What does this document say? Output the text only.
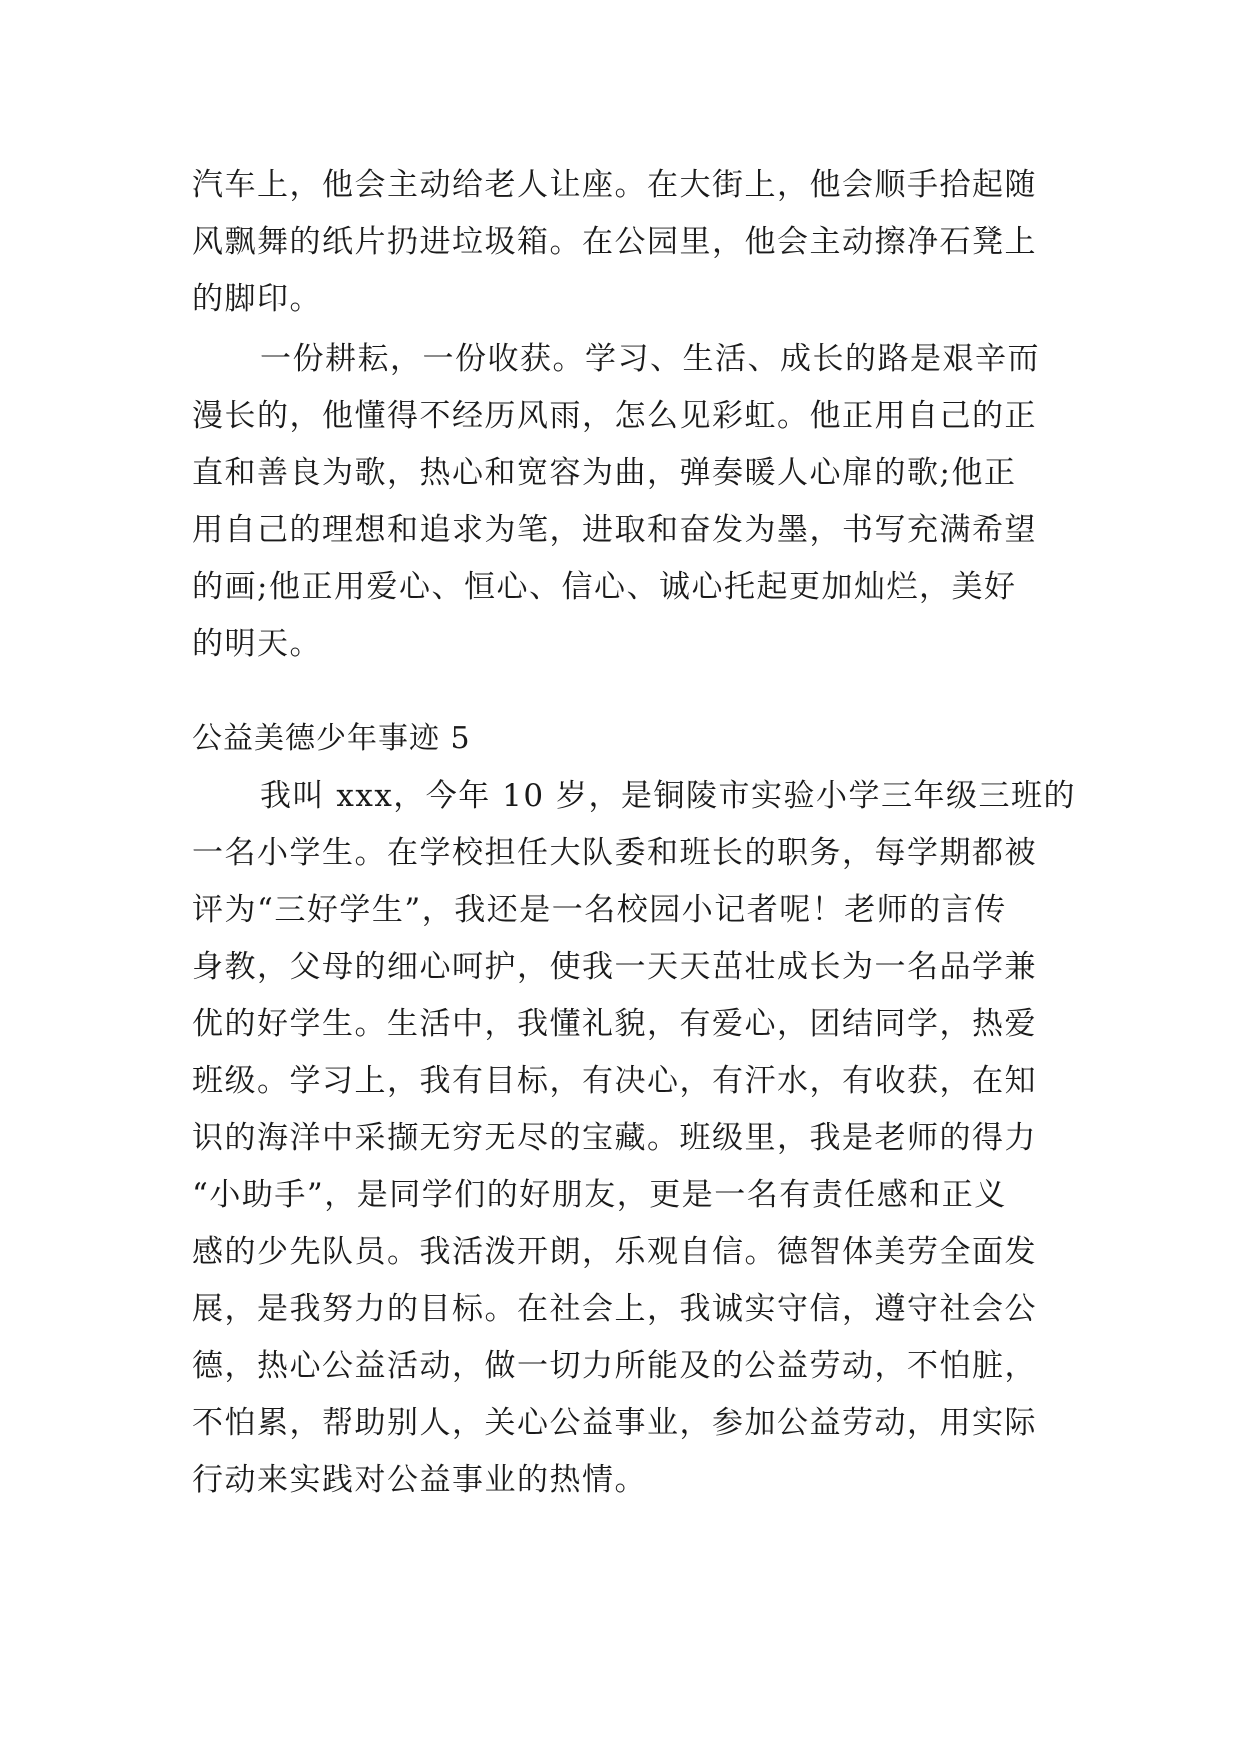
汽车上，他会主动给老人让座。在大街上，他会顺手拾起随
风飘舞的纸片扔进垃圾箱。在公园里，他会主动擦净石凳上
的脚印。
一份耕耘，一份收获。学习、生活、成长的路是艰辛而
漫长的，他懂得不经历风雨，怎么见彩虹。他正用自己的正
直和善良为歌，热心和宽容为曲，弹奏暖人心扉的歌;他正
用自己的理想和追求为笔，进取和奋发为墨，书写充满希望
的画;他正用爱心、恒心、信心、诚心托起更加灿烂，美好
的明天。
公益美德少年事迹 5
我叫 xxx，今年 10 岁，是铜陵市实验小学三年级三班的
一名小学生。在学校担任大队委和班长的职务，每学期都被
评为“三好学生”，我还是一名校园小记者呢！老师的言传
身教，父母的细心呵护，使我一天天茁壮成长为一名品学兼
优的好学生。生活中，我懂礼貌，有爱心，团结同学，热爱
班级。学习上，我有目标，有决心，有汗水，有收获，在知
识的海洋中采撷无穷无尽的宝藏。班级里，我是老师的得力
“小助手”，是同学们的好朋友，更是一名有责任感和正义
感的少先队员。我活泼开朗，乐观自信。德智体美劳全面发
展，是我努力的目标。在社会上，我诚实守信，遵守社会公
德，热心公益活动，做一切力所能及的公益劳动，不怕脏，
不怕累，帮助别人，关心公益事业，参加公益劳动，用实际
行动来实践对公益事业的热情。
